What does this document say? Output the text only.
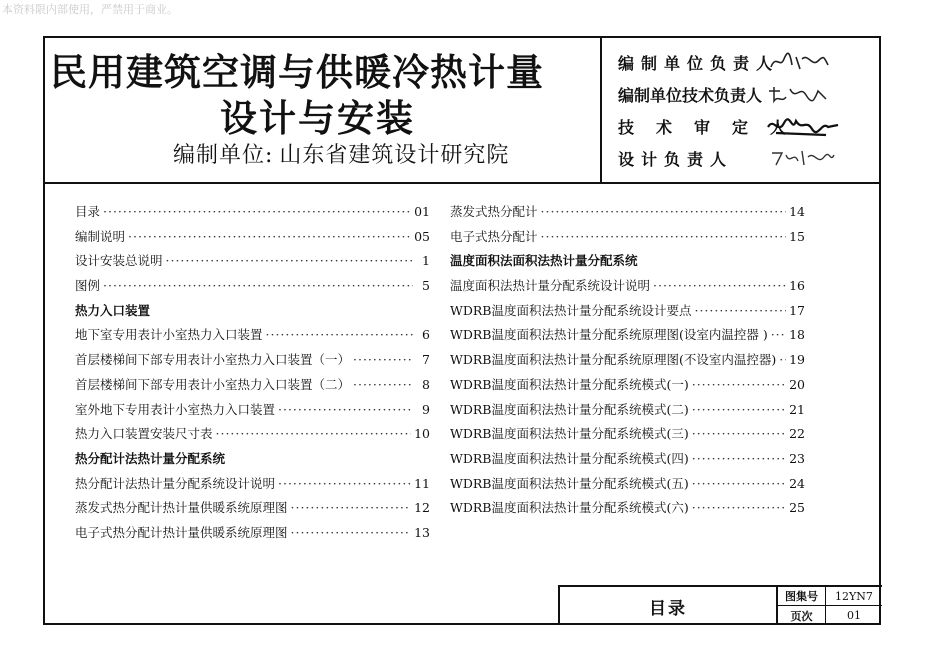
本资料限内部使用，严禁用于商业。
民用建筑空调与供暖冷热计量
设计与安装
编制单位: 山东省建筑设计研究院
编制单位负责人
编制单位技术负责人
技术审定人
设计负责人
目录
图集号	12YN7
页次	01
目录 ·····	01
编制说明 ·····	05
设计安装总说明 ·····	1
图例 ·····	5
热力入口装置
地下室专用表计小室热力入口装置 ·····	6
首层楼梯间下部专用表计小室热力入口装置（一） ·····	7
首层楼梯间下部专用表计小室热力入口装置（二） ·····	8
室外地下专用表计小室热力入口装置 ·····	9
热力入口装置安装尺寸表 ·····	10
热分配计法热计量分配系统
热分配计法热计量分配系统设计说明 ·····	11
蒸发式热分配计热计量供暖系统原理图 ·····	12
电子式热分配计热计量供暖系统原理图 ·····	13
蒸发式热分配计 ·····	14
电子式热分配计 ·····	15
温度面积法面积法热计量分配系统
温度面积法热计量分配系统设计说明 ·····	16
WDRB温度面积法热计量分配系统设计要点 ·····	17
WDRB温度面积法热计量分配系统原理图(设室内温控器 ) ····· 18
WDRB温度面积法热计量分配系统原理图(不设室内温控器) ····· 19
WDRB温度面积法热计量分配系统模式(一) ·····	20
WDRB温度面积法热计量分配系统模式(二) ·····	21
WDRB温度面积法热计量分配系统模式(三) ·····	22
WDRB温度面积法热计量分配系统模式(四) ·····	23
WDRB温度面积法热计量分配系统模式(五) ·····	24
WDRB温度面积法热计量分配系统模式(六) ·····	25
